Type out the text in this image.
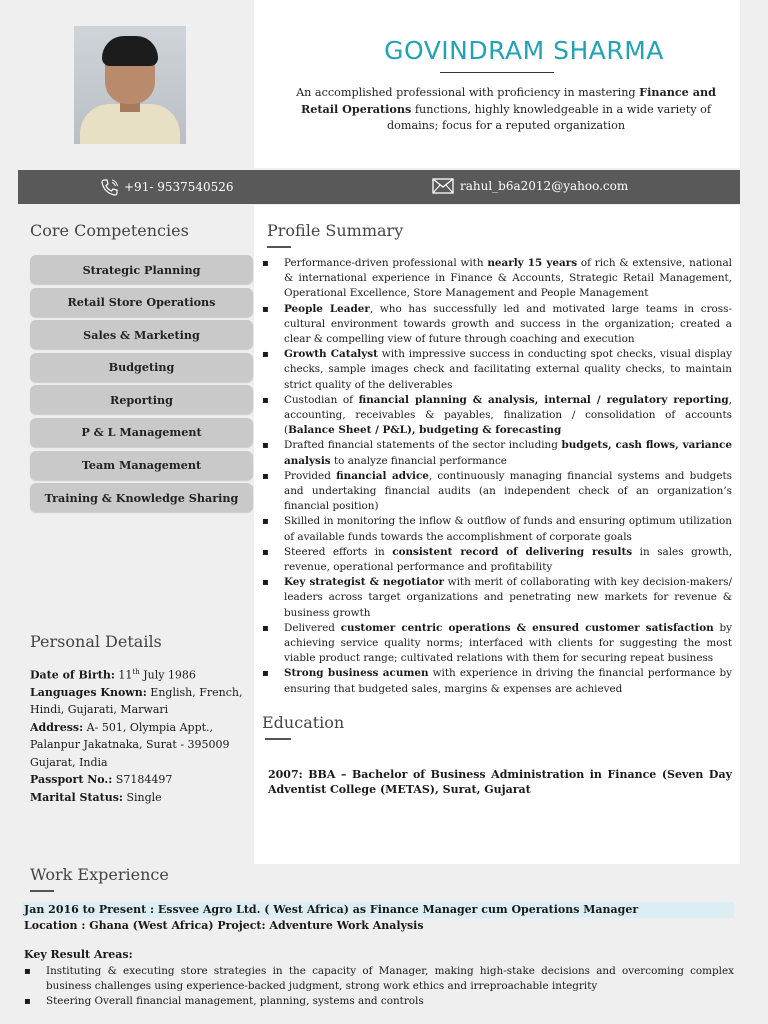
GOVINDRAM SHARMA
An accomplished professional with proficiency in mastering Finance and Retail Operations functions, highly knowledgeable in a wide variety of domains; focus for a reputed organization
+91- 9537540526	rahul_b6a2012@yahoo.com
Core Competencies
Strategic Planning
Retail Store Operations
Sales & Marketing
Budgeting
Reporting
P & L Management
Team Management
Training & Knowledge Sharing
Personal Details
Date of Birth: 11th July 1986
Languages Known: English, French, Hindi, Gujarati, Marwari
Address: A- 501, Olympia Appt., Palanpur Jakatnaka, Surat - 395009 Gujarat, India
Passport No.: S7184497
Marital Status: Single
Profile Summary
▪ Performance-driven professional with nearly 15 years of rich & extensive, national & international experience in Finance & Accounts, Strategic Retail Management, Operational Excellence, Store Management and People Management
▪ People Leader, who has successfully led and motivated large teams in cross-cultural environment towards growth and success in the organization; created a clear & compelling view of future through coaching and execution
▪ Growth Catalyst with impressive success in conducting spot checks, visual display checks, sample images check and facilitating external quality checks, to maintain strict quality of the deliverables
▪ Custodian of financial planning & analysis, internal / regulatory reporting, accounting, receivables & payables, finalization / consolidation of accounts (Balance Sheet / P&L), budgeting & forecasting
▪ Drafted financial statements of the sector including budgets, cash flows, variance analysis to analyze financial performance
▪ Provided financial advice, continuously managing financial systems and budgets and undertaking financial audits (an independent check of an organization’s financial position)
▪ Skilled in monitoring the inflow & outflow of funds and ensuring optimum utilization of available funds towards the accomplishment of corporate goals
▪ Steered efforts in consistent record of delivering results in sales growth, revenue, operational performance and profitability
▪ Key strategist & negotiator with merit of collaborating with key decision-makers/ leaders across target organizations and penetrating new markets for revenue & business growth
▪ Delivered customer centric operations & ensured customer satisfaction by achieving service quality norms; interfaced with clients for suggesting the most viable product range; cultivated relations with them for securing repeat business
▪ Strong business acumen with experience in driving the financial performance by ensuring that budgeted sales, margins & expenses are achieved
Education
2007: BBA – Bachelor of Business Administration in Finance (Seven Day Adventist College (METAS), Surat, Gujarat
Work Experience
Jan 2016 to Present : Essvee Agro Ltd. ( West Africa) as Finance Manager cum Operations Manager
Location : Ghana (West Africa) Project: Adventure Work Analysis
Key Result Areas:
▪ Instituting & executing store strategies in the capacity of Manager, making high-stake decisions and overcoming complex business challenges using experience-backed judgment, strong work ethics and irreproachable integrity
▪ Steering Overall financial management, planning, systems and controls
